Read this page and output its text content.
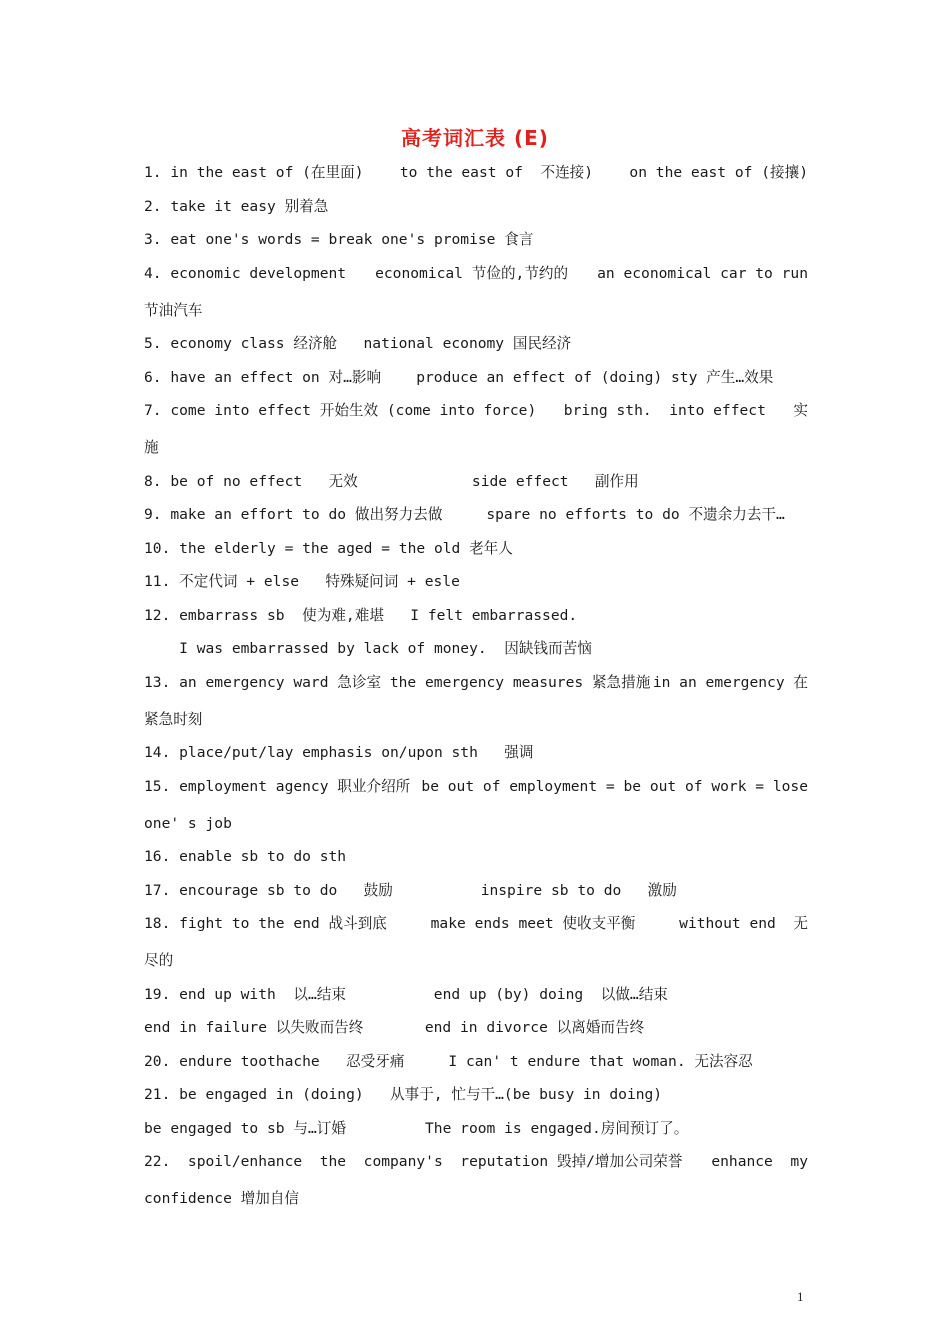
高考词汇表 (E)
1. in the east of (在里面) to the east of  不连接) on the east of (接攘)
2. take it easy 别着急
3. eat one's words = break one's promise 食言
4. economic development economical 节俭的,节约的 an economical car to run
节油汽车
5. economy class 经济舱   national economy 国民经济
6. have an effect on 对…影响    produce an effect of (doing) sty 产生…效果
7. come into effect 开始生效 (come into force) bring sth.  into effect 实
施
8. be of no effect   无效             side effect   副作用
9. make an effort to do 做出努力去做     spare no efforts to do 不遗余力去干…
10. the elderly = the aged = the old 老年人
11. 不定代词 + else   特殊疑问词 + esle
12. embarrass sb  使为难,难堪   I felt embarrassed.
I was embarrassed by lack of money.  因缺钱而苦恼
13. an emergency ward 急诊室 the emergency measures 紧急措施 in an emergency 在
紧急时刻
14. place/put/lay emphasis on/upon sth   强调
15. employment agency 职业介绍所 be out of employment = be out of work = lose
one' s job
16. enable sb to do sth
17. encourage sb to do   鼓励          inspire sb to do   激励
18. fight to the end 战斗到底	make ends meet 使收支平衡	without end  无
尽的
19. end up with  以…结束          end up (by) doing  以做…结束
end in failure 以失败而告终       end in divorce 以离婚而告终
20. endure toothache   忍受牙痛     I can' t endure that woman. 无法容忍
21. be engaged in (doing)   从事于, 忙与干…(be busy in doing)
be engaged to sb 与…订婚         The room is engaged.房间预订了。
22.  spoil/enhance  the  company's  reputation 毁掉/增加公司荣誉 enhance  my
confidence 增加自信
1
